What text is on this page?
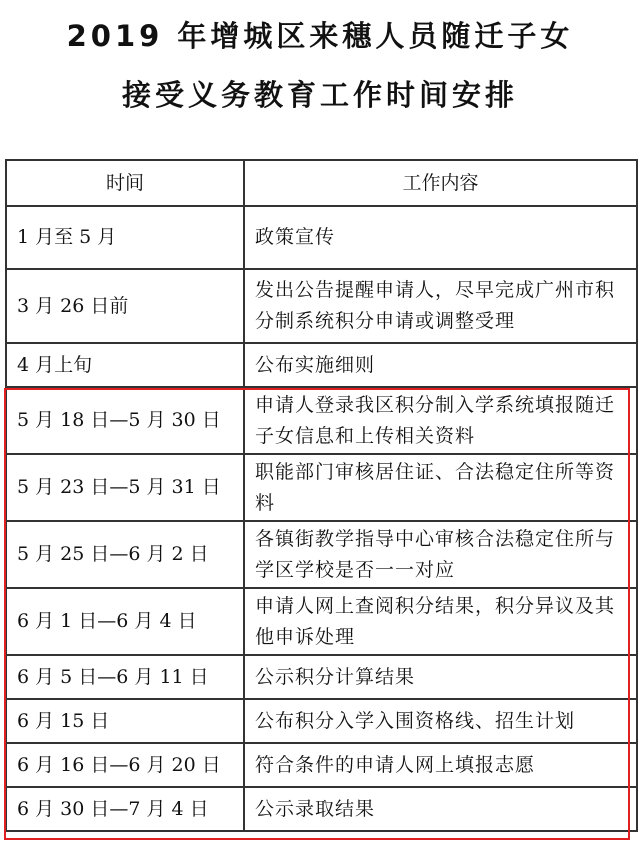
2019 年增城区来穗人员随迁子女
接受义务教育工作时间安排
时间	工作内容
1 月至 5 月	政策宣传
3 月 26 日前	发出公告提醒申请人，尽早完成广州市积分制系统积分申请或调整受理
4 月上旬	公布实施细则
5 月 18 日—5 月 30 日	申请人登录我区积分制入学系统填报随迁子女信息和上传相关资料
5 月 23 日—5 月 31 日	职能部门审核居住证、合法稳定住所等资料
5 月 25 日—6 月 2 日	各镇街教学指导中心审核合法稳定住所与学区学校是否一一对应
6 月 1 日—6 月 4 日	申请人网上查阅积分结果，积分异议及其他申诉处理
6 月 5 日—6 月 11 日	公示积分计算结果
6 月 15 日	公布积分入学入围资格线、招生计划
6 月 16 日—6 月 20 日	符合条件的申请人网上填报志愿
6 月 30 日—7 月 4 日	公示录取结果
